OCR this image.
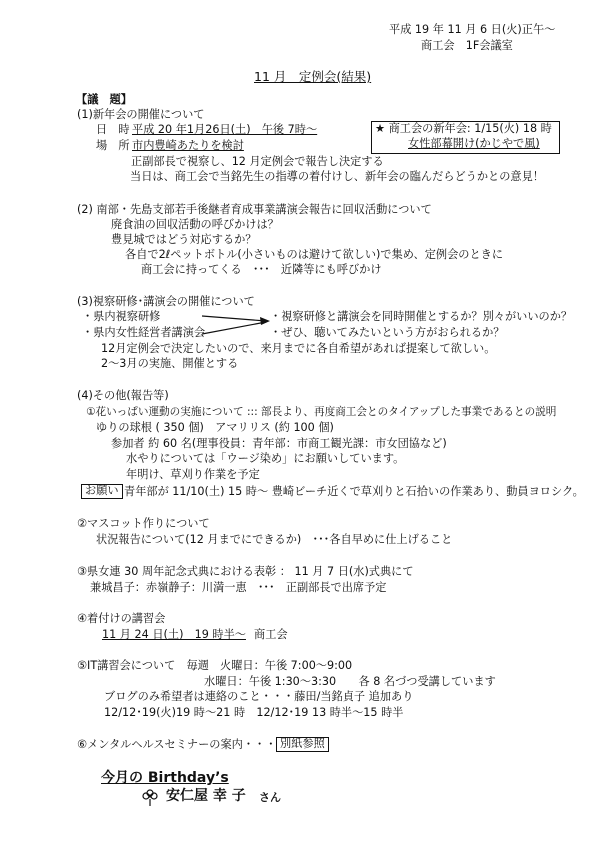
平成 19 年 11 月 6 日(火)正午～
商工会　1F会議室
11 月　定例会(結果)
【議　題】
(1)新年会の開催について
日　時 平成 20 年1月26日(土)　午後 7時～
場　所 市内豊崎あたりを検討
★ 商工会の新年会: 1/15(火) 18 時
女性部幕開け(かじやで風)
正副部長で視察し、12 月定例会で報告し決定する
当日は、商工会で当銘先生の指導の着付けし、新年会の臨んだらどうかとの意見！
(2) 南部・先島支部若手後継者育成事業講演会報告に回収活動について
廃食油の回収活動の呼びかけは？
豊見城ではどう対応するか？
各自で2ℓペットボトル(小さいものは避けて欲しい)で集め、定例会のときに
商工会に持ってくる　･･･　近隣等にも呼びかけ
(3)視察研修･講演会の開催について
・県内視察研修
・県内女性経営者講演会
・視察研修と講演会を同時開催とするか？別々がいいのか？
・ぜひ、聴いてみたいという方がおられるか？
12月定例会で決定したいので、来月までに各自希望があれば提案して欲しい。
2～3月の実施、開催とする
(4)その他(報告等)
①花いっぱい運動の実施について ::: 部長より、再度商工会とのタイアップした事業であるとの説明
ゆりの球根 ( 350 個)　アマリリス (約 100 個)
参加者 約 60 名(理事役員：青年部：市商工観光課：市女団協など)
水やりについては「ウージ染め」にお願いしています。
年明け、草刈り作業を予定
お願い 青年部が 11/10(土) 15 時～ 豊崎ビーチ近くで草刈りと石拾いの作業あり、動員ヨロシク。
②マスコット作りについて
状況報告について(12 月までにできるか)　･･･各自早めに仕上げること
③県女連 30 周年記念式典における表彰 ： 11 月 7 日(水)式典にて
兼城昌子：赤嶺静子：川満一恵　･･･　正副部長で出席予定
④着付けの講習会
11 月 24 日(土)　19 時半～ 商工会
⑤IT講習会について　毎週　火曜日：午後 7:00～9:00
水曜日：午後 1:30～3:30　　各 8 名づつ受講しています
ブログのみ希望者は連絡のこと・・・藤田/当銘貞子 追加あり
12/12･19(火)19 時～21 時　12/12･19 13 時半～15 時半
⑥メンタルヘルスセミナーの案内・・・ 別紙参照
今月の Birthday’s
安仁屋 幸 子 さん
